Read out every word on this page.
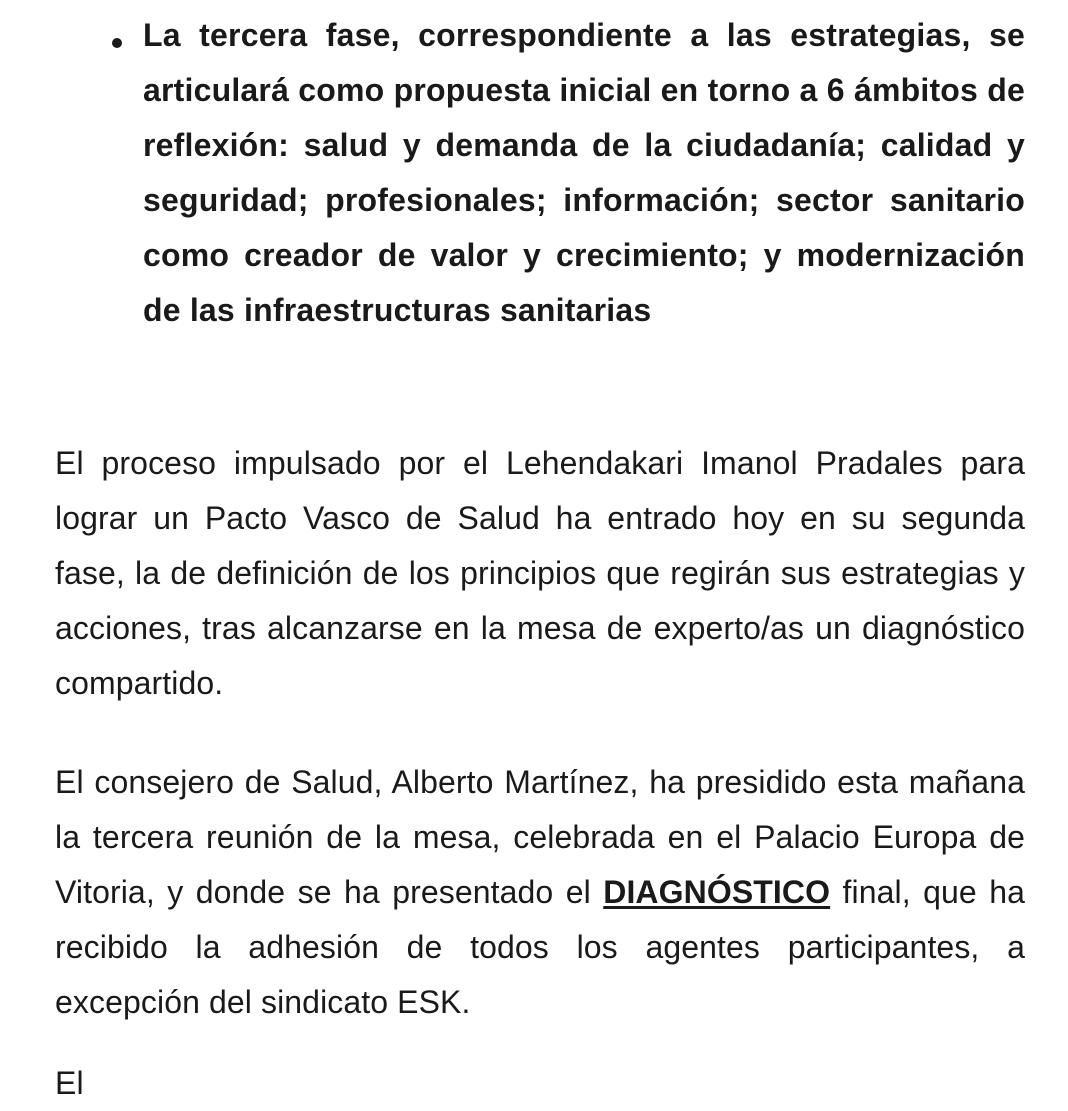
La tercera fase, correspondiente a las estrategias, se articulará como propuesta inicial en torno a 6 ámbitos de reflexión: salud y demanda de la ciudadanía; calidad y seguridad; profesionales; información; sector sanitario como creador de valor y crecimiento; y modernización de las infraestructuras sanitarias
El proceso impulsado por el Lehendakari Imanol Pradales para lograr un Pacto Vasco de Salud ha entrado hoy en su segunda fase, la de definición de los principios que regirán sus estrategias y acciones, tras alcanzarse en la mesa de experto/as un diagnóstico compartido.
El consejero de Salud, Alberto Martínez, ha presidido esta mañana la tercera reunión de la mesa, celebrada en el Palacio Europa de Vitoria, y donde se ha presentado el DIAGNÓSTICO final, que ha recibido la adhesión de todos los agentes participantes, a excepción del sindicato ESK.
El
